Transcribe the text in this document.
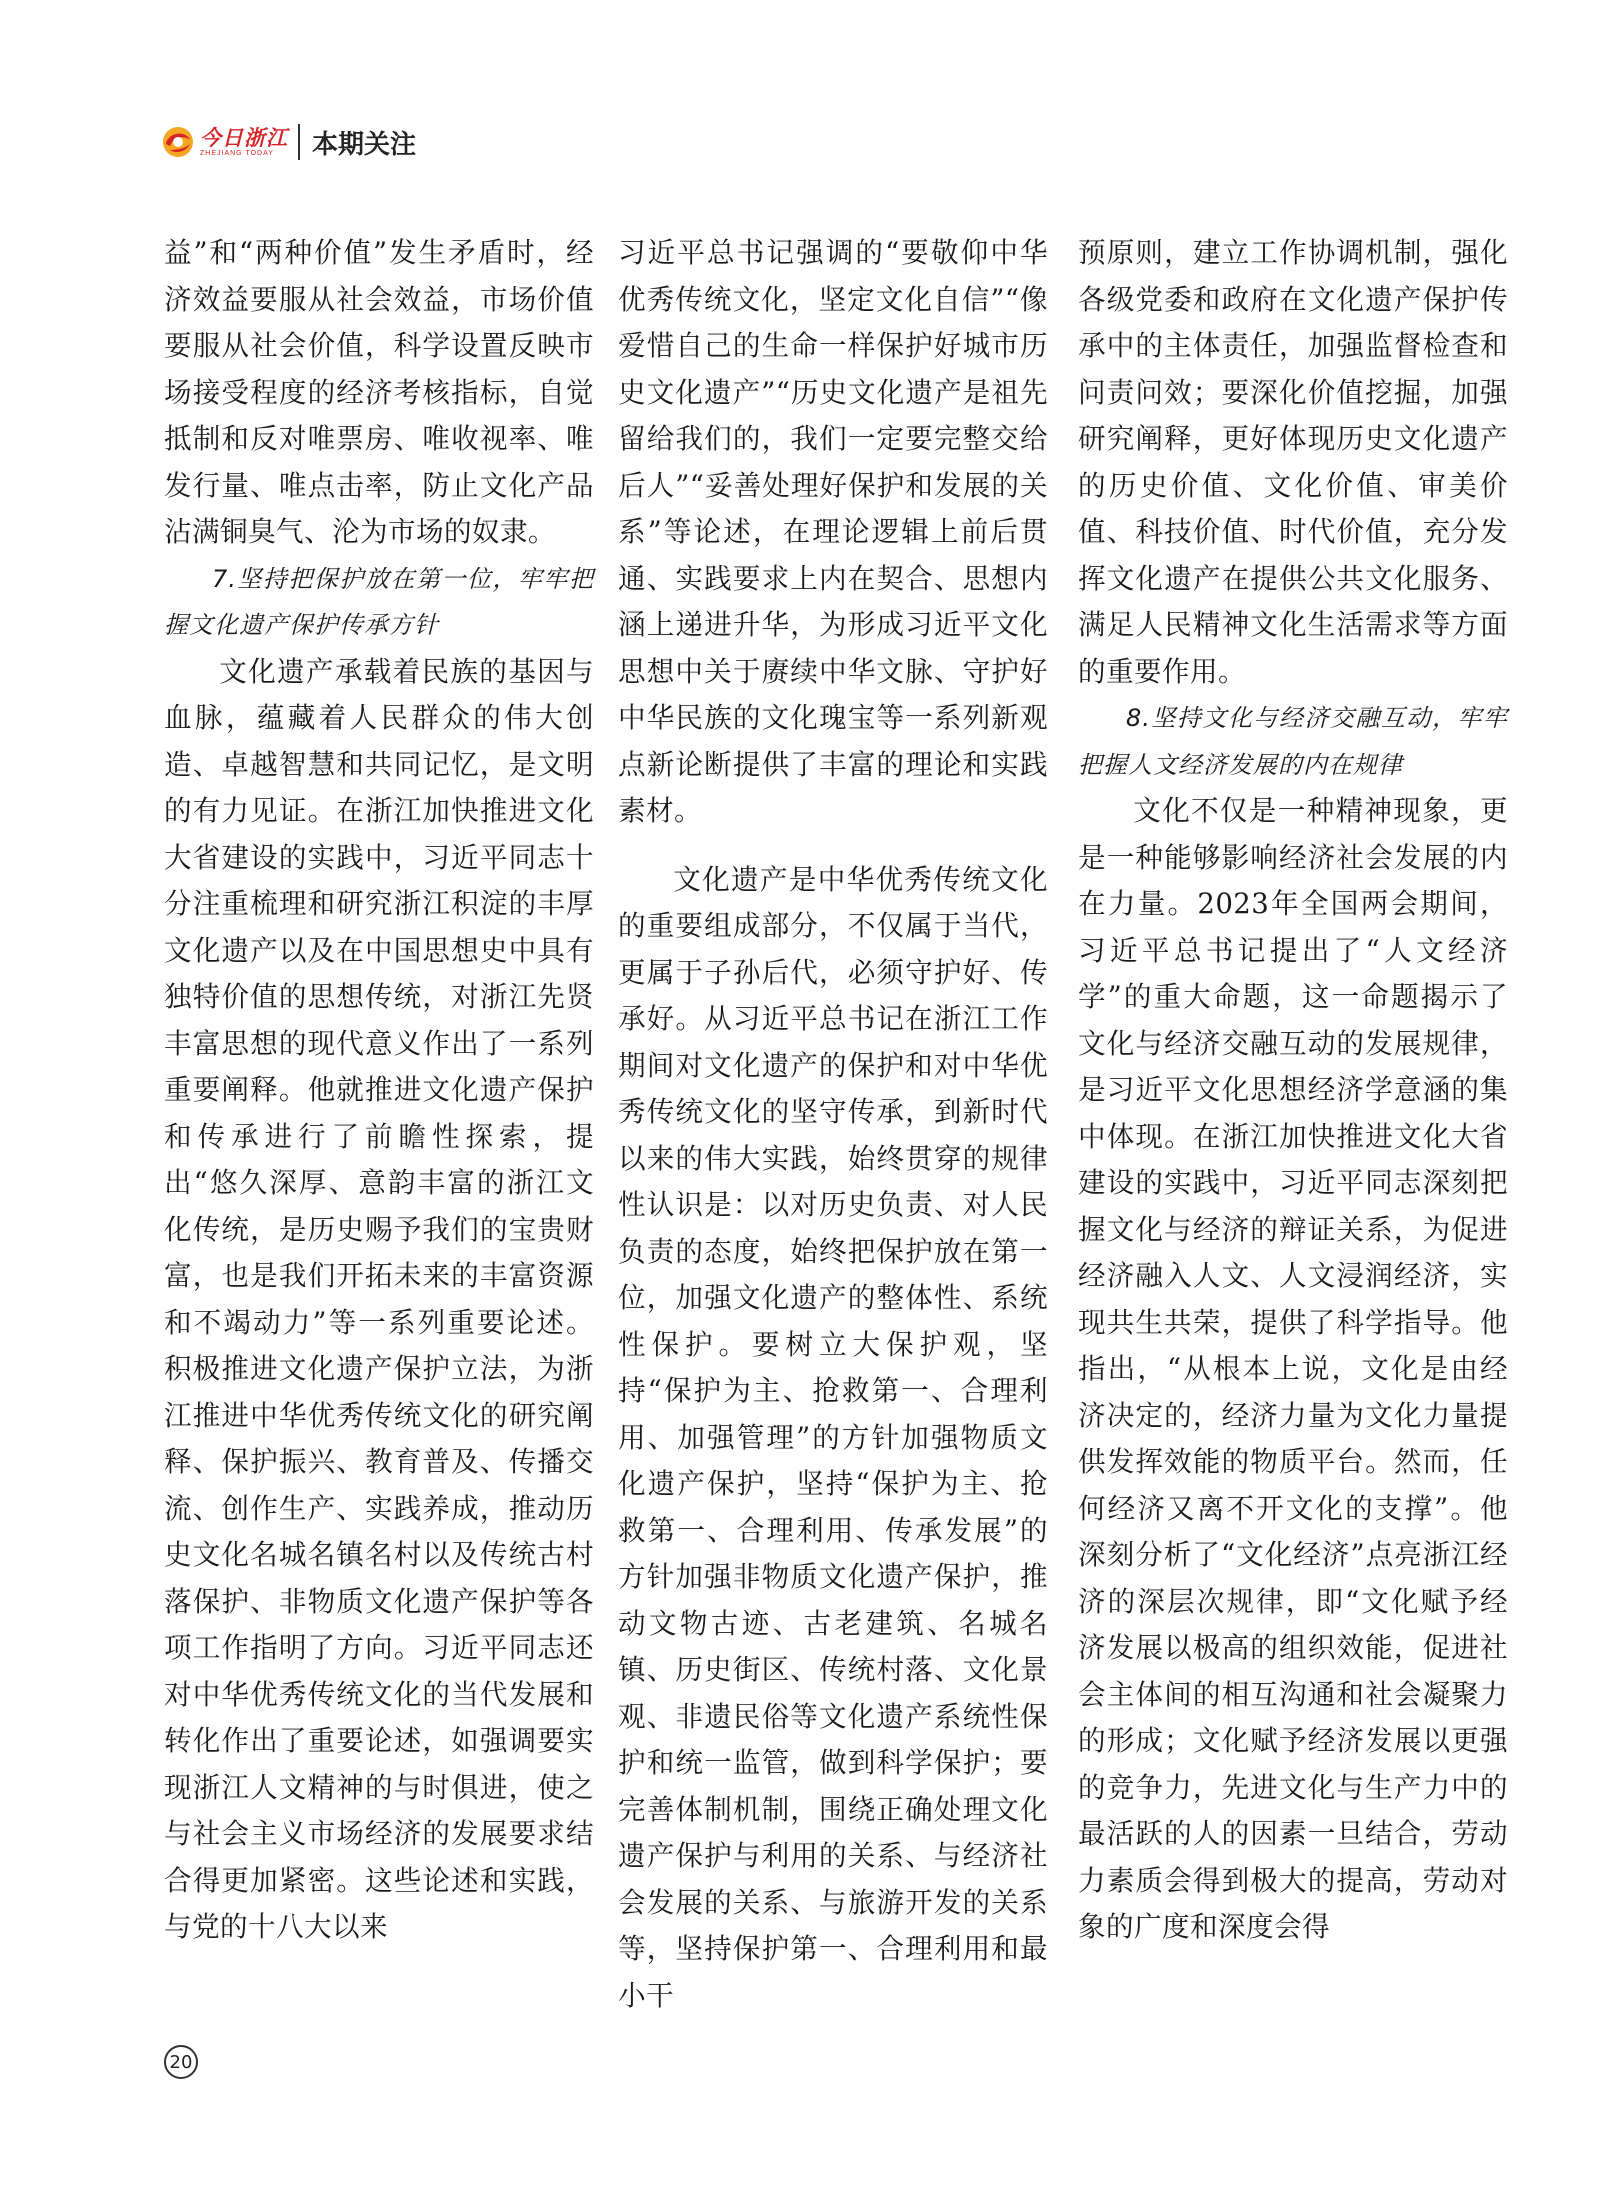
今日浙江
ZHEJIANG TODAY	本期关注

益”和“两种价值”发生矛盾时，经济效益要服从社会效益，市场价值要服从社会价值，科学设置反映市场接受程度的经济考核指标，自觉抵制和反对唯票房、唯收视率、唯发行量、唯点击率，防止文化产品沾满铜臭气、沦为市场的奴隶。

7.坚持把保护放在第一位，牢牢把握文化遗产保护传承方针

文化遗产承载着民族的基因与血脉，蕴藏着人民群众的伟大创造、卓越智慧和共同记忆，是文明的有力见证。在浙江加快推进文化大省建设的实践中，习近平同志十分注重梳理和研究浙江积淀的丰厚文化遗产以及在中国思想史中具有独特价值的思想传统，对浙江先贤丰富思想的现代意义作出了一系列重要阐释。他就推进文化遗产保护和传承进行了前瞻性探索，提出“悠久深厚、意韵丰富的浙江文化传统，是历史赐予我们的宝贵财富，也是我们开拓未来的丰富资源和不竭动力”等一系列重要论述。积极推进文化遗产保护立法，为浙江推进中华优秀传统文化的研究阐释、保护振兴、教育普及、传播交流、创作生产、实践养成，推动历史文化名城名镇名村以及传统古村落保护、非物质文化遗产保护等各项工作指明了方向。习近平同志还对中华优秀传统文化的当代发展和转化作出了重要论述，如强调要实现浙江人文精神的与时俱进，使之与社会主义市场经济的发展要求结合得更加紧密。这些论述和实践，与党的十八大以来

习近平总书记强调的“要敬仰中华优秀传统文化，坚定文化自信”“像爱惜自己的生命一样保护好城市历史文化遗产”“历史文化遗产是祖先留给我们的，我们一定要完整交给后人”“妥善处理好保护和发展的关系”等论述，在理论逻辑上前后贯通、实践要求上内在契合、思想内涵上递进升华，为形成习近平文化思想中关于赓续中华文脉、守护好中华民族的文化瑰宝等一系列新观点新论断提供了丰富的理论和实践素材。

文化遗产是中华优秀传统文化的重要组成部分，不仅属于当代，更属于子孙后代，必须守护好、传承好。从习近平总书记在浙江工作期间对文化遗产的保护和对中华优秀传统文化的坚守传承，到新时代以来的伟大实践，始终贯穿的规律性认识是：以对历史负责、对人民负责的态度，始终把保护放在第一位，加强文化遗产的整体性、系统性保护。要树立大保护观，坚持“保护为主、抢救第一、合理利用、加强管理”的方针加强物质文化遗产保护，坚持“保护为主、抢救第一、合理利用、传承发展”的方针加强非物质文化遗产保护，推动文物古迹、古老建筑、名城名镇、历史街区、传统村落、文化景观、非遗民俗等文化遗产系统性保护和统一监管，做到科学保护；要完善体制机制，围绕正确处理文化遗产保护与利用的关系、与经济社会发展的关系、与旅游开发的关系等，坚持保护第一、合理利用和最小干

预原则，建立工作协调机制，强化各级党委和政府在文化遗产保护传承中的主体责任，加强监督检查和问责问效；要深化价值挖掘，加强研究阐释，更好体现历史文化遗产的历史价值、文化价值、审美价值、科技价值、时代价值，充分发挥文化遗产在提供公共文化服务、满足人民精神文化生活需求等方面的重要作用。

8.坚持文化与经济交融互动，牢牢把握人文经济发展的内在规律

文化不仅是一种精神现象，更是一种能够影响经济社会发展的内在力量。2023年全国两会期间，习近平总书记提出了“人文经济学”的重大命题，这一命题揭示了文化与经济交融互动的发展规律，是习近平文化思想经济学意涵的集中体现。在浙江加快推进文化大省建设的实践中，习近平同志深刻把握文化与经济的辩证关系，为促进经济融入人文、人文浸润经济，实现共生共荣，提供了科学指导。他指出，“从根本上说，文化是由经济决定的，经济力量为文化力量提供发挥效能的物质平台。然而，任何经济又离不开文化的支撑”。他深刻分析了“文化经济”点亮浙江经济的深层次规律，即“文化赋予经济发展以极高的组织效能，促进社会主体间的相互沟通和社会凝聚力的形成；文化赋予经济发展以更强的竞争力，先进文化与生产力中的最活跃的人的因素一旦结合，劳动力素质会得到极大的提高，劳动对象的广度和深度会得

20
